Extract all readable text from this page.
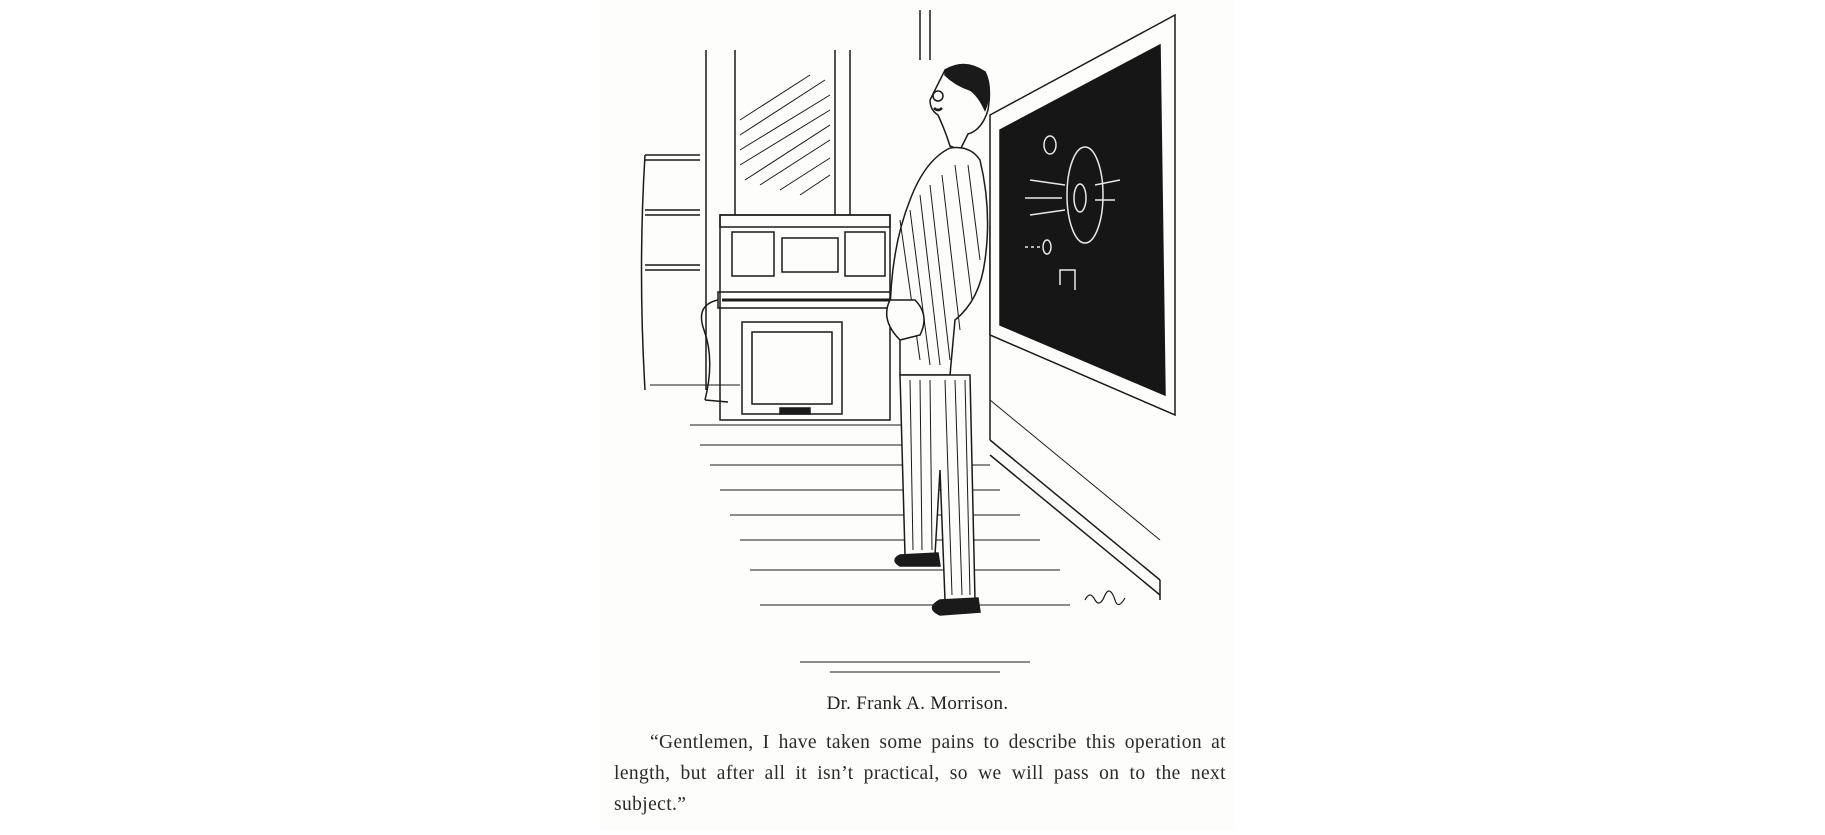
Dr. Frank A. Morrison.
“Gentlemen, I have taken some pains to describe this operation at length, but after all it isn’t practical, so we will pass on to the next subject.”
